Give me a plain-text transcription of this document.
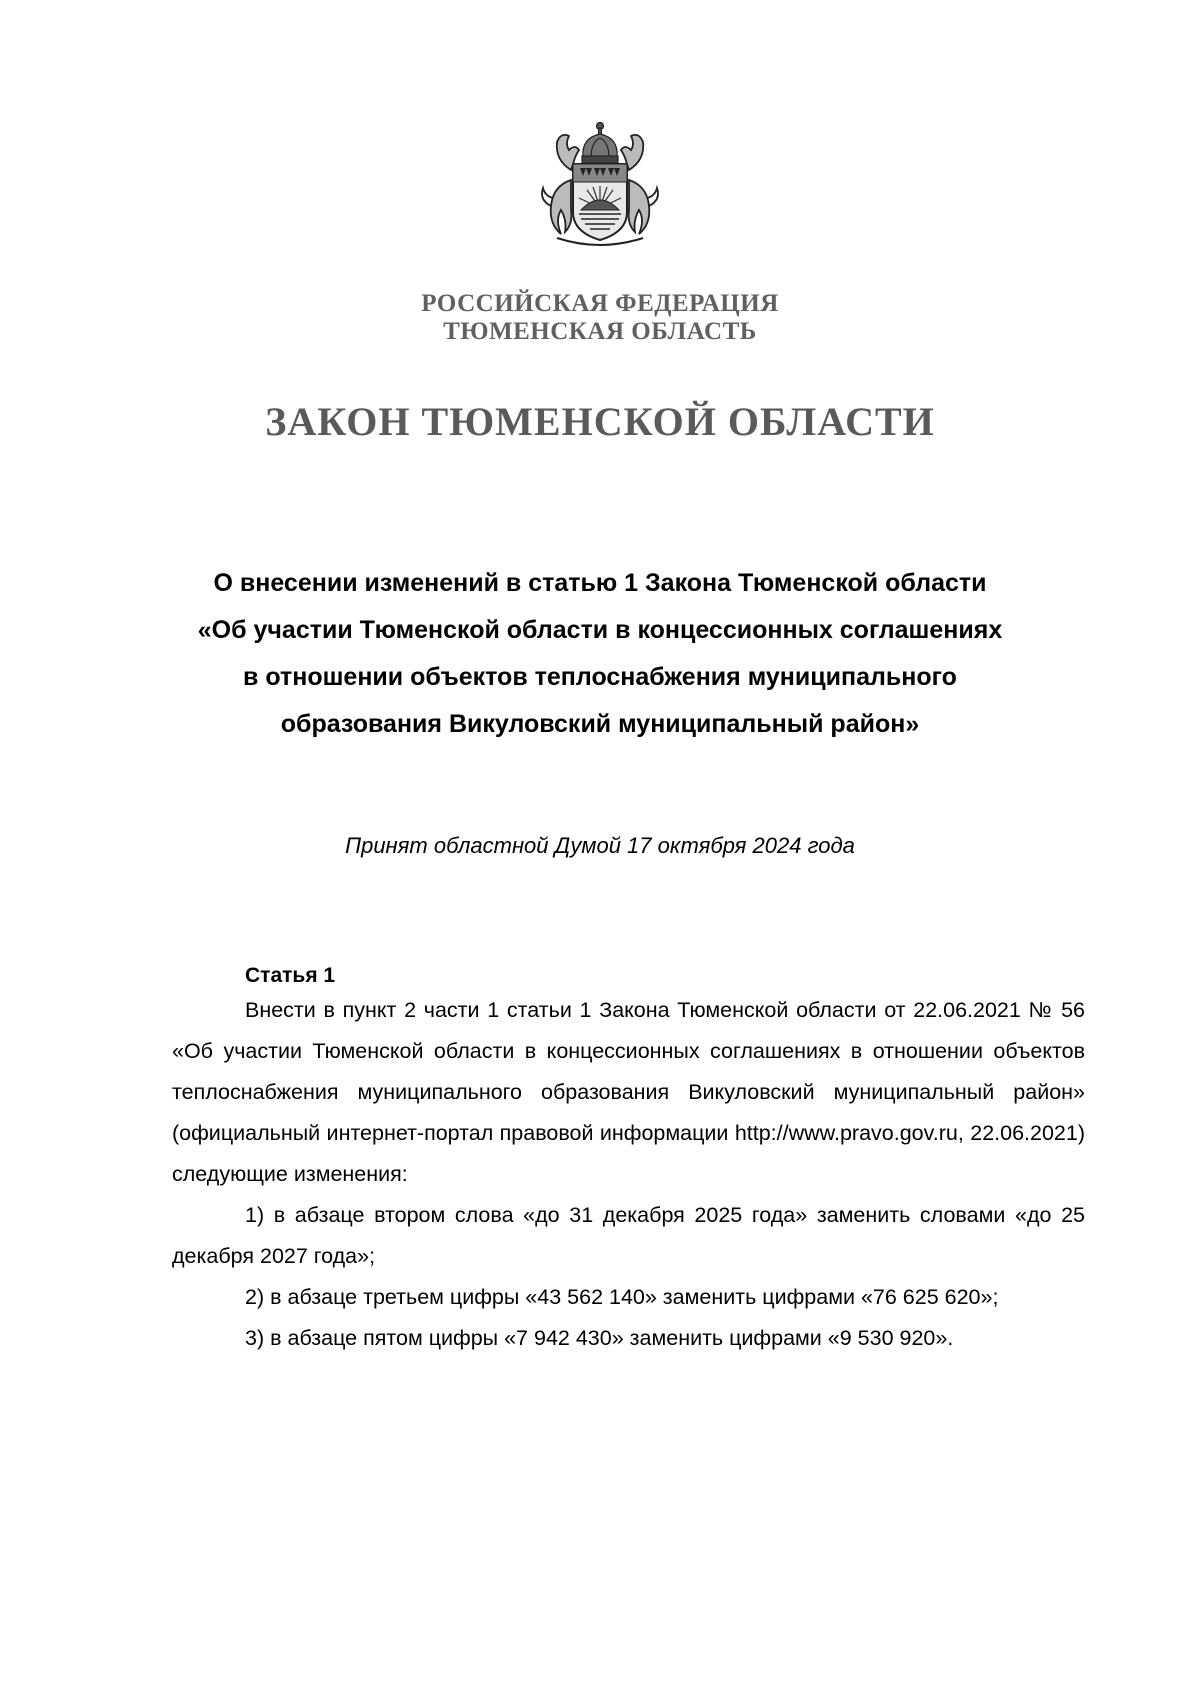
РОССИЙСКАЯ ФЕДЕРАЦИЯ
ТЮМЕНСКАЯ ОБЛАСТЬ
ЗАКОН ТЮМЕНСКОЙ ОБЛАСТИ
О внесении изменений в статью 1 Закона Тюменской области
«Об участии Тюменской области в концессионных соглашениях
в отношении объектов теплоснабжения муниципального
образования Викуловский муниципальный район»
Принят областной Думой 17 октября 2024 года
Статья 1

Внести в пункт 2 части 1 статьи 1 Закона Тюменской области от 22.06.2021 № 56 «Об участии Тюменской области в концессионных соглашениях в отношении объектов теплоснабжения муниципального образования Викуловский муниципальный район» (официальный интернет-портал правовой информации http://www.pravo.gov.ru, 22.06.2021) следующие изменения:

1) в абзаце втором слова «до 31 декабря 2025 года» заменить словами «до 25 декабря 2027 года»;

2) в абзаце третьем цифры «43 562 140» заменить цифрами «76 625 620»;

3) в абзаце пятом цифры «7 942 430» заменить цифрами «9 530 920».
